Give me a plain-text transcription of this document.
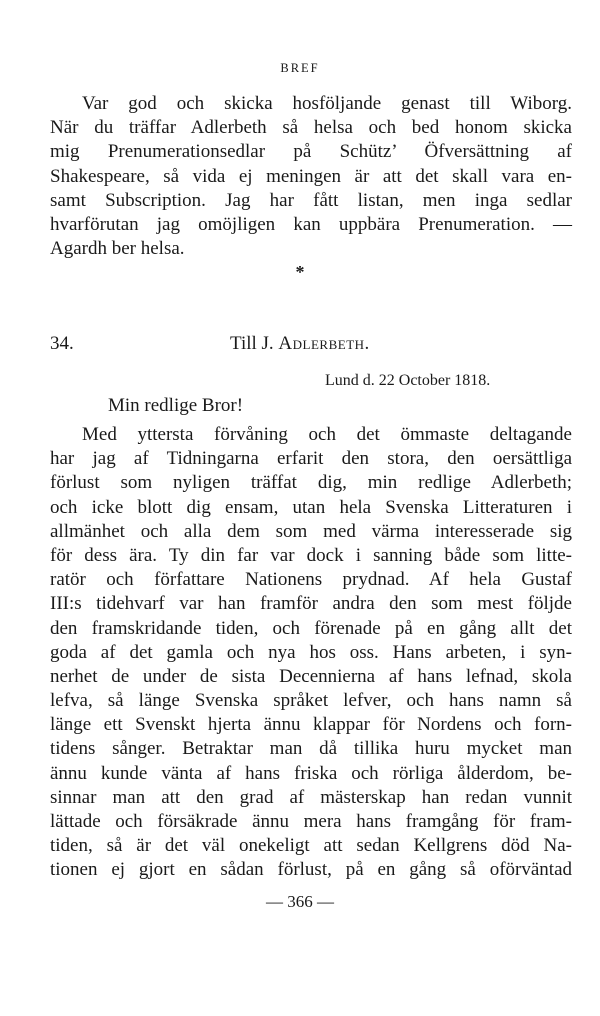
BREF
Var god och skicka hosföljande genast till Wiborg.
När du träffar Adlerbeth så helsa och bed honom skicka
mig Prenumerationsedlar på Schütz’ Öfversättning af
Shakespeare, så vida ej meningen är att det skall vara en-
samt Subscription. Jag har fått listan, men inga sedlar
hvarförutan jag omöjligen kan uppbära Prenumeration. —
Agardh ber helsa.
*
34.	Till J. Adlerbeth.
Lund d. 22 October 1818.
Min redlige Bror!
Med yttersta förvåning och det ömmaste deltagande
har jag af Tidningarna erfarit den stora, den oersättliga
förlust som nyligen träffat dig, min redlige Adlerbeth;
och icke blott dig ensam, utan hela Svenska Litteraturen i
allmänhet och alla dem som med värma interesserade sig
för dess ära. Ty din far var dock i sanning både som litte-
ratör och författare Nationens prydnad. Af hela Gustaf
III:s tidehvarf var han framför andra den som mest följde
den framskridande tiden, och förenade på en gång allt det
goda af det gamla och nya hos oss. Hans arbeten, i syn-
nerhet de under de sista Decennierna af hans lefnad, skola
lefva, så länge Svenska språket lefver, och hans namn så
länge ett Svenskt hjerta ännu klappar för Nordens och forn-
tidens sånger. Betraktar man då tillika huru mycket man
ännu kunde vänta af hans friska och rörliga ålderdom, be-
sinnar man att den grad af mästerskap han redan vunnit
lättade och försäkrade ännu mera hans framgång för fram-
tiden, så är det väl onekeligt att sedan Kellgrens död Na-
tionen ej gjort en sådan förlust, på en gång så oförväntad
— 366 —
